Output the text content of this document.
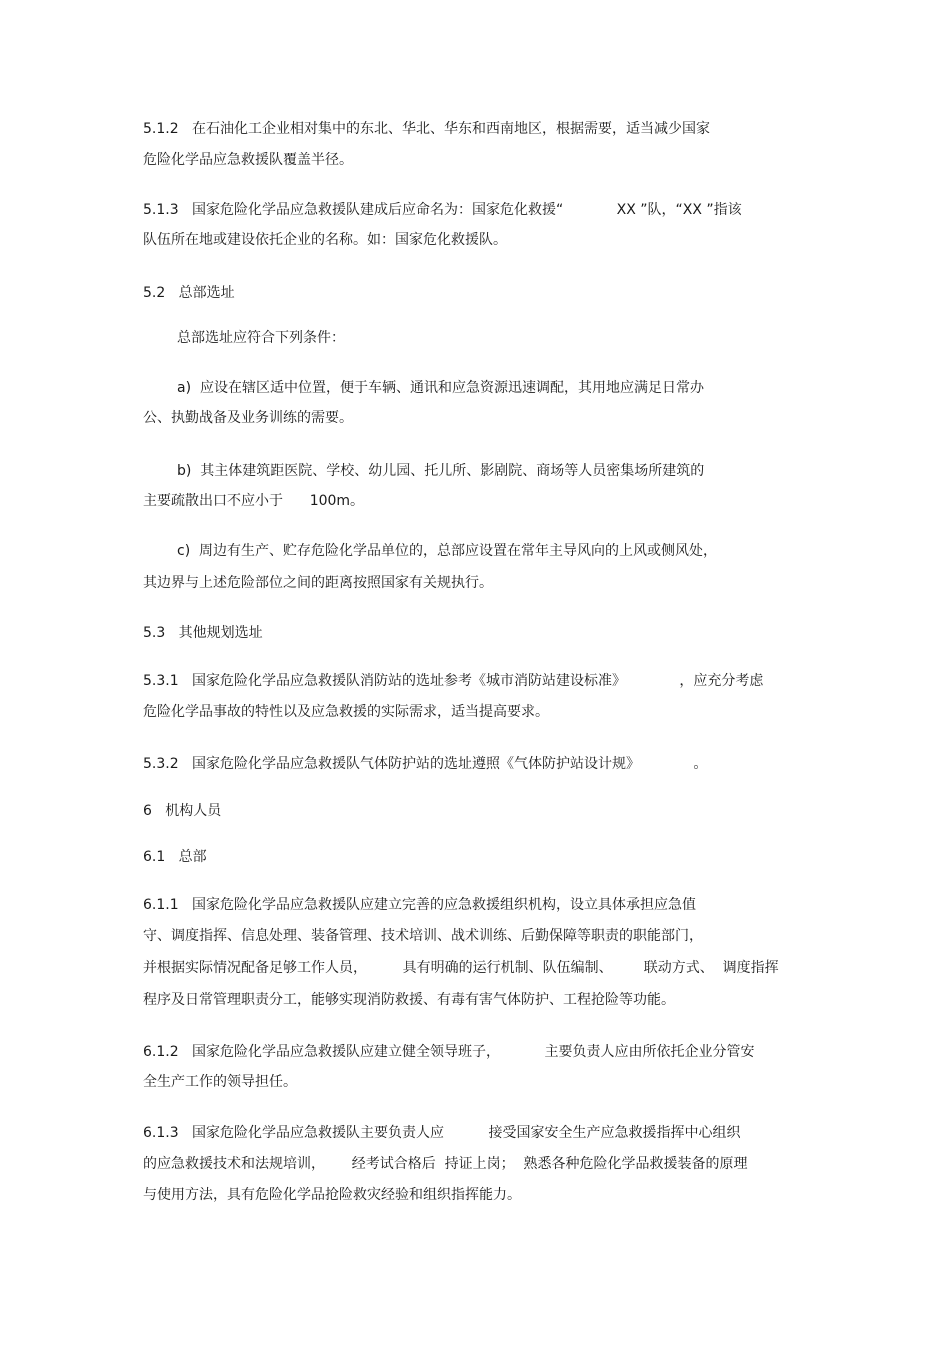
5.1.2   在石油化工企业相对集中的东北、华北、华东和西南地区，根据需要，适当减少国家
危险化学品应急救援队覆盖半径。
5.1.3   国家危险化学品应急救援队建成后应命名为：国家危化救援“            XX ”队，“XX ”指该
队伍所在地或建设依托企业的名称。如：国家危化救援队。
5.2   总部选址
总部选址应符合下列条件：
a)  应设在辖区适中位置，便于车辆、通讯和应急资源迅速调配，其用地应满足日常办
公、执勤战备及业务训练的需要。
b)  其主体建筑距医院、学校、幼儿园、托儿所、影剧院、商场等人员密集场所建筑的
主要疏散出口不应小于      100m。
c)  周边有生产、贮存危险化学品单位的，总部应设置在常年主导风向的上风或侧风处，
其边界与上述危险部位之间的距离按照国家有关规执行。
5.3   其他规划选址
5.3.1   国家危险化学品应急救援队消防站的选址参考《城市消防站建设标准》            ，应充分考虑
危险化学品事故的特性以及应急救援的实际需求，适当提高要求。
5.3.2   国家危险化学品应急救援队气体防护站的选址遵照《气体防护站设计规》            。
6   机构人员
6.1   总部
6.1.1   国家危险化学品应急救援队应建立完善的应急救援组织机构，设立具体承担应急值
守、调度指挥、信息处理、装备管理、技术培训、战术训练、后勤保障等职责的职能部门，
并根据实际情况配备足够工作人员，        具有明确的运行机制、队伍编制、       联动方式、  调度指挥
程序及日常管理职责分工，能够实现消防救援、有毒有害气体防护、工程抢险等功能。
6.1.2   国家危险化学品应急救援队应建立健全领导班子，          主要负责人应由所依托企业分管安
全生产工作的领导担任。
6.1.3   国家危险化学品应急救援队主要负责人应          接受国家安全生产应急救援指挥中心组织
的应急救援技术和法规培训，      经考试合格后  持证上岗；  熟悉各种危险化学品救援装备的原理
与使用方法，具有危险化学品抢险救灾经验和组织指挥能力。
